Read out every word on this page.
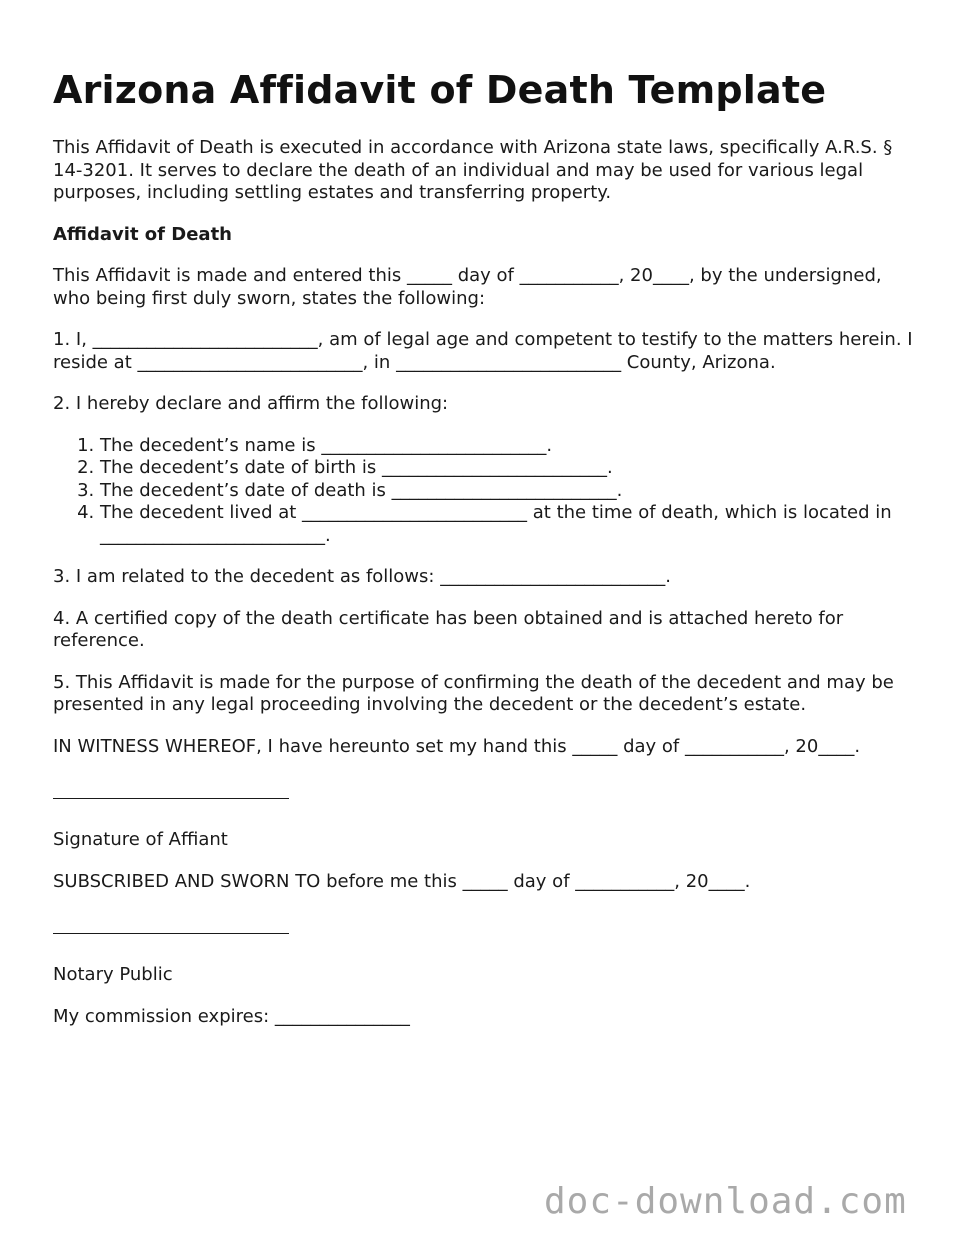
Arizona Affidavit of Death Template

This Affidavit of Death is executed in accordance with Arizona state laws, specifically A.R.S. § 14-3201. It serves to declare the death of an individual and may be used for various legal purposes, including settling estates and transferring property.

Affidavit of Death

This Affidavit is made and entered this _____ day of ___________, 20____, by the undersigned, who being first duly sworn, states the following:

1. I, _________________________, am of legal age and competent to testify to the matters herein. I reside at _________________________, in _________________________ County, Arizona.

2. I hereby declare and affirm the following:

1. The decedent’s name is _________________________.
2. The decedent’s date of birth is _________________________.
3. The decedent’s date of death is _________________________.
4. The decedent lived at _________________________ at the time of death, which is located in _________________________.

3. I am related to the decedent as follows: _________________________.

4. A certified copy of the death certificate has been obtained and is attached hereto for reference.

5. This Affidavit is made for the purpose of confirming the death of the decedent and may be presented in any legal proceeding involving the decedent or the decedent’s estate.

IN WITNESS WHEREOF, I have hereunto set my hand this _____ day of ___________, 20____.

Signature of Affiant

SUBSCRIBED AND SWORN TO before me this _____ day of ___________, 20____.

Notary Public

My commission expires: _______________

doc-download.com
